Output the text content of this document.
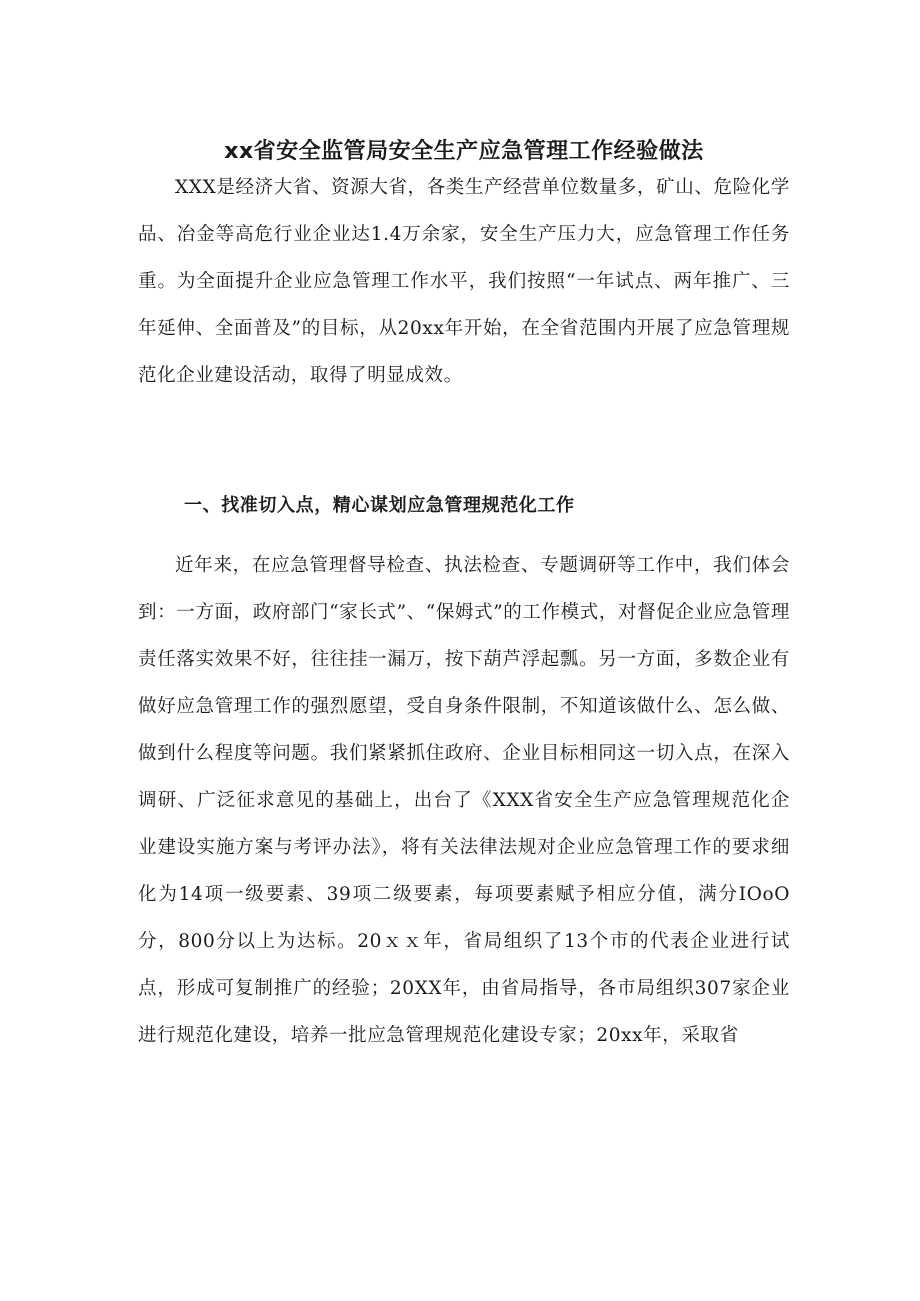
xx省安全监管局安全生产应急管理工作经验做法

XXX是经济大省、资源大省，各类生产经营单位数量多，矿山、危险化学品、冶金等高危行业企业达1.4万余家，安全生产压力大，应急管理工作任务重。为全面提升企业应急管理工作水平，我们按照“一年试点、两年推广、三年延伸、全面普及”的目标，从20xx年开始，在全省范围内开展了应急管理规范化企业建设活动，取得了明显成效。

一、找准切入点，精心谋划应急管理规范化工作

近年来，在应急管理督导检查、执法检查、专题调研等工作中，我们体会到：一方面，政府部门“家长式”、“保姆式”的工作模式，对督促企业应急管理责任落实效果不好，往往挂一漏万，按下葫芦浮起瓢。另一方面，多数企业有做好应急管理工作的强烈愿望，受自身条件限制，不知道该做什么、怎么做、做到什么程度等问题。我们紧紧抓住政府、企业目标相同这一切入点，在深入调研、广泛征求意见的基础上，出台了《XXX省安全生产应急管理规范化企业建设实施方案与考评办法》，将有关法律法规对企业应急管理工作的要求细化为14项一级要素、39项二级要素，每项要素赋予相应分值，满分IOoO分，800分以上为达标。20ｘｘ年，省局组织了13个市的代表企业进行试点，形成可复制推广的经验；20XX年，由省局指导，各市局组织307家企业进行规范化建设，培养一批应急管理规范化建设专家；20xx年，采取省
